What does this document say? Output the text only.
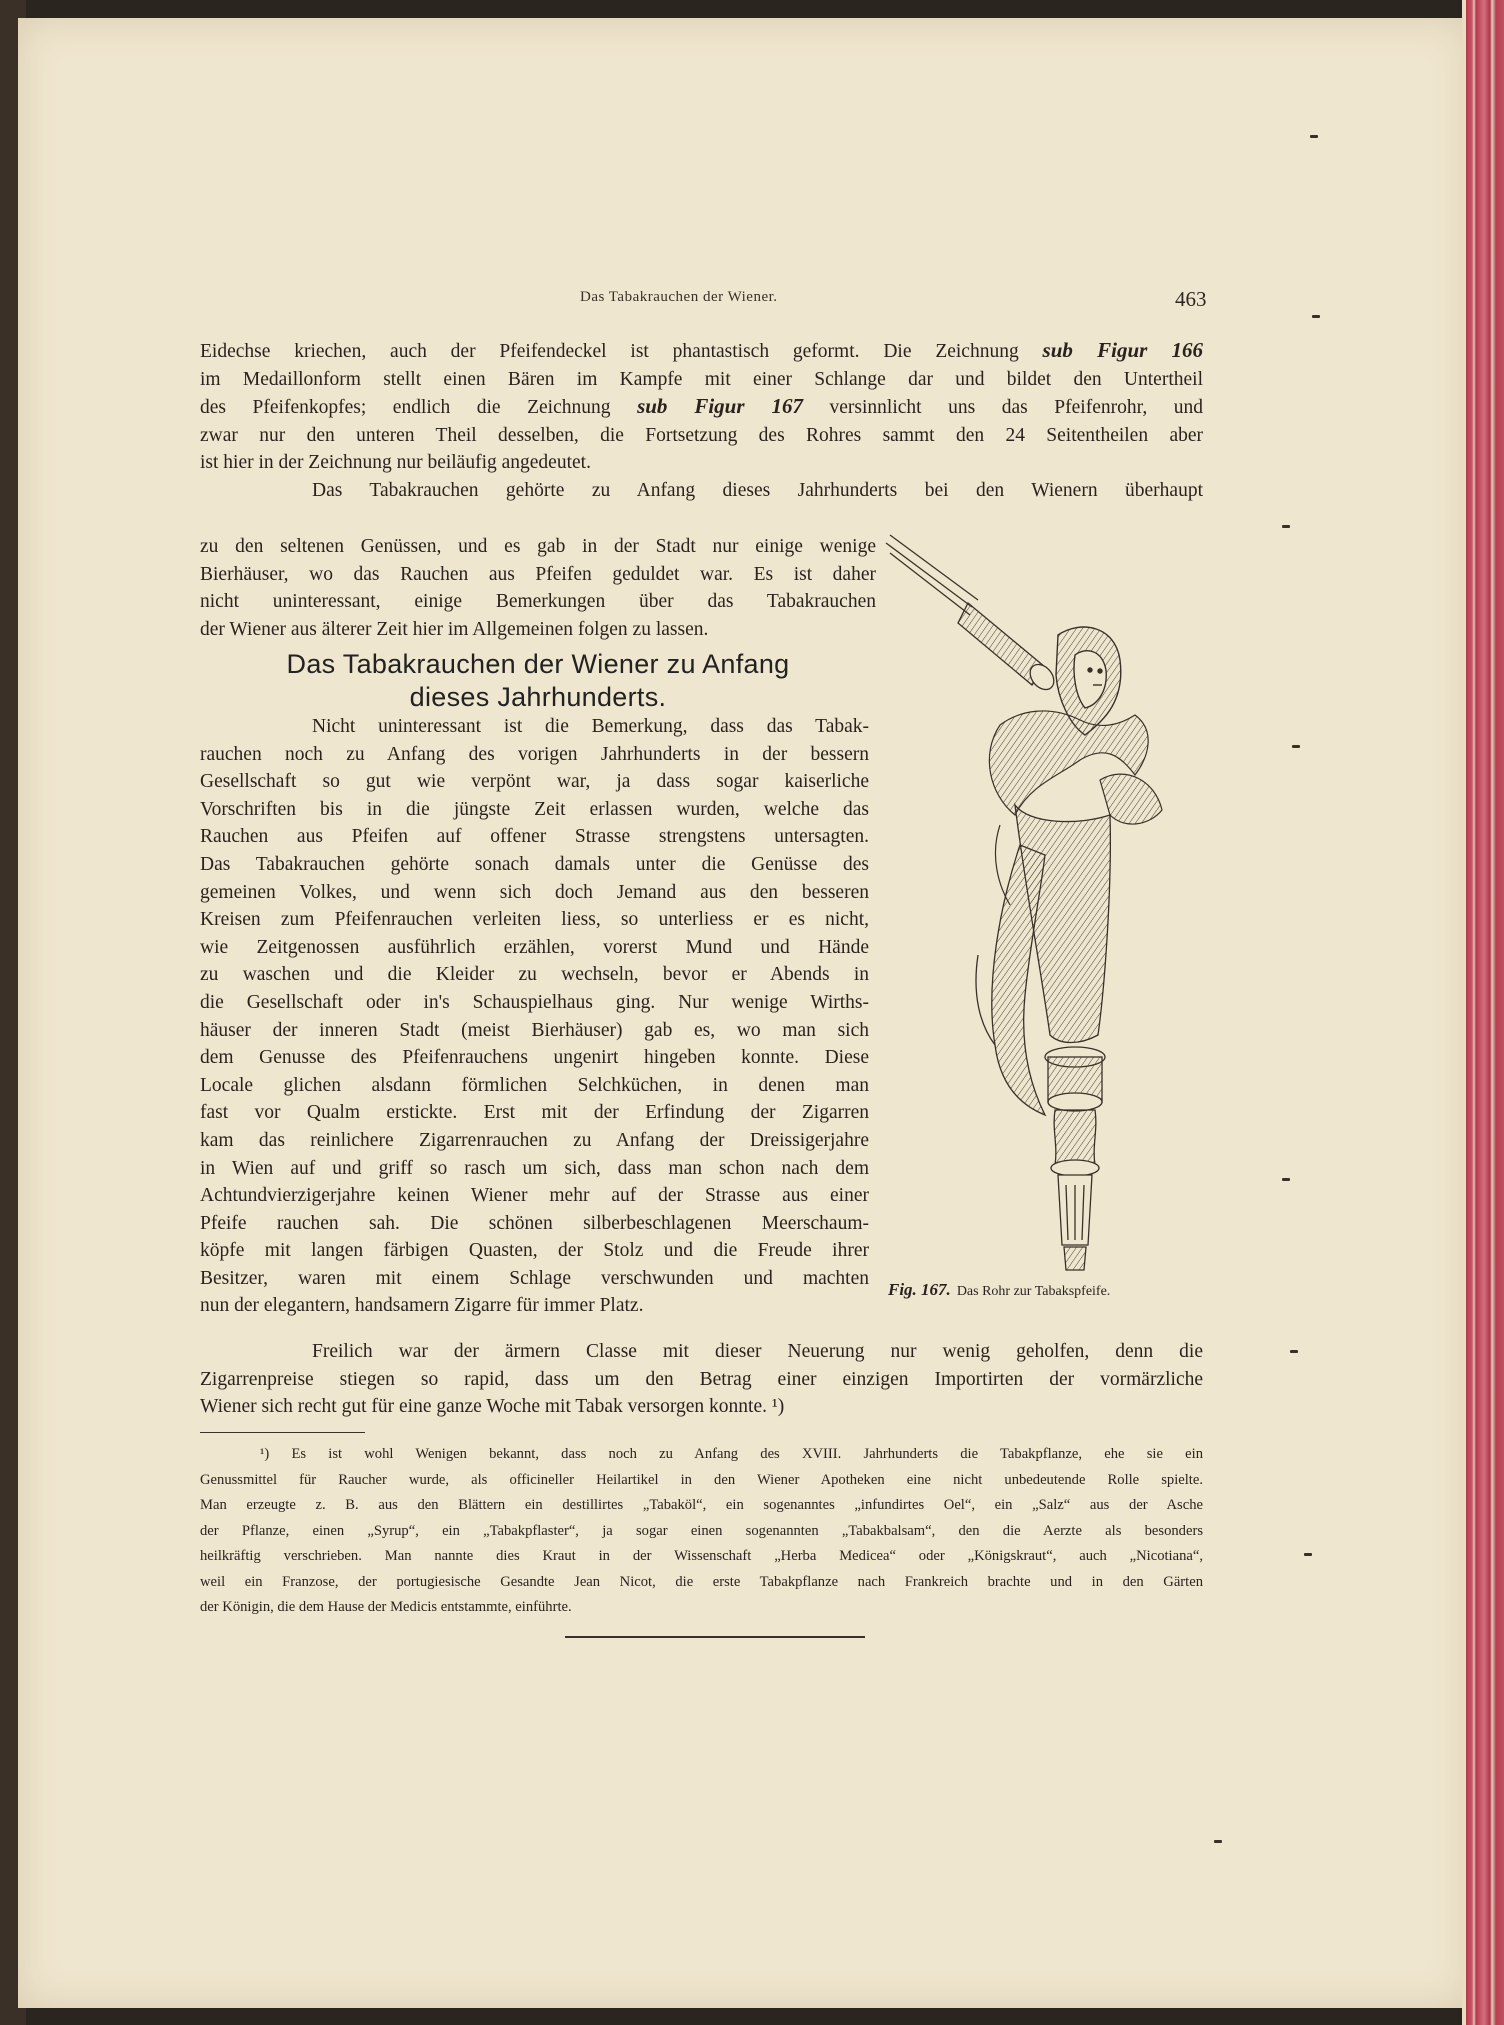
Das Tabakrauchen der Wiener.	463
Eidechse kriechen, auch der Pfeifendeckel ist phantastisch geformt. Die Zeichnung sub Figur 166
im Medaillonform stellt einen Bären im Kampfe mit einer Schlange dar und bildet den Untertheil
des Pfeifenkopfes; endlich die Zeichnung sub Figur 167 versinnlicht uns das Pfeifenrohr, und
zwar nur den unteren Theil desselben, die Fortsetzung des Rohres sammt den 24 Seitentheilen aber
ist hier in der Zeichnung nur beiläufig angedeutet.
Das Tabakrauchen gehörte zu Anfang dieses Jahrhunderts bei den Wienern überhaupt
zu den seltenen Genüssen, und es gab in der Stadt nur einige wenige
Bierhäuser, wo das Rauchen aus Pfeifen geduldet war. Es ist daher
nicht uninteressant, einige Bemerkungen über das Tabakrauchen
der Wiener aus älterer Zeit hier im Allgemeinen folgen zu lassen.
Das Tabakrauchen der Wiener zu Anfang
dieses Jahrhunderts.
Nicht uninteressant ist die Bemerkung, dass das Tabak-
rauchen noch zu Anfang des vorigen Jahrhunderts in der bessern
Gesellschaft so gut wie verpönt war, ja dass sogar kaiserliche
Vorschriften bis in die jüngste Zeit erlassen wurden, welche das
Rauchen aus Pfeifen auf offener Strasse strengstens untersagten.
Das Tabakrauchen gehörte sonach damals unter die Genüsse des
gemeinen Volkes, und wenn sich doch Jemand aus den besseren
Kreisen zum Pfeifenrauchen verleiten liess, so unterliess er es nicht,
wie Zeitgenossen ausführlich erzählen, vorerst Mund und Hände
zu waschen und die Kleider zu wechseln, bevor er Abends in
die Gesellschaft oder in's Schauspielhaus ging. Nur wenige Wirths-
häuser der inneren Stadt (meist Bierhäuser) gab es, wo man sich
dem Genusse des Pfeifenrauchens ungenirt hingeben konnte. Diese
Locale glichen alsdann förmlichen Selchküchen, in denen man
fast vor Qualm erstickte. Erst mit der Erfindung der Zigarren
kam das reinlichere Zigarrenrauchen zu Anfang der Dreissigerjahre
in Wien auf und griff so rasch um sich, dass man schon nach dem
Achtundvierzigerjahre keinen Wiener mehr auf der Strasse aus einer
Pfeife rauchen sah. Die schönen silberbeschlagenen Meerschaum-
köpfe mit langen färbigen Quasten, der Stolz und die Freude ihrer
Besitzer, waren mit einem Schlage verschwunden und machten
nun der elegantern, handsamern Zigarre für immer Platz.
Fig. 167. Das Rohr zur Tabakspfeife.
Freilich war der ärmern Classe mit dieser Neuerung nur wenig geholfen, denn die
Zigarrenpreise stiegen so rapid, dass um den Betrag einer einzigen Importirten der vormärzliche
Wiener sich recht gut für eine ganze Woche mit Tabak versorgen konnte. ¹)
¹) Es ist wohl Wenigen bekannt, dass noch zu Anfang des XVIII. Jahrhunderts die Tabakpflanze, ehe sie ein
Genussmittel für Raucher wurde, als officineller Heilartikel in den Wiener Apotheken eine nicht unbedeutende Rolle spielte.
Man erzeugte z. B. aus den Blättern ein destillirtes „Tabaköl“, ein sogenanntes „infundirtes Oel“, ein „Salz“ aus der Asche
der Pflanze, einen „Syrup“, ein „Tabakpflaster“, ja sogar einen sogenannten „Tabakbalsam“, den die Aerzte als besonders
heilkräftig verschrieben. Man nannte dies Kraut in der Wissenschaft „Herba Medicea“ oder „Königskraut“, auch „Nicotiana“,
weil ein Franzose, der portugiesische Gesandte Jean Nicot, die erste Tabakpflanze nach Frankreich brachte und in den Gärten
der Königin, die dem Hause der Medicis entstammte, einführte.
